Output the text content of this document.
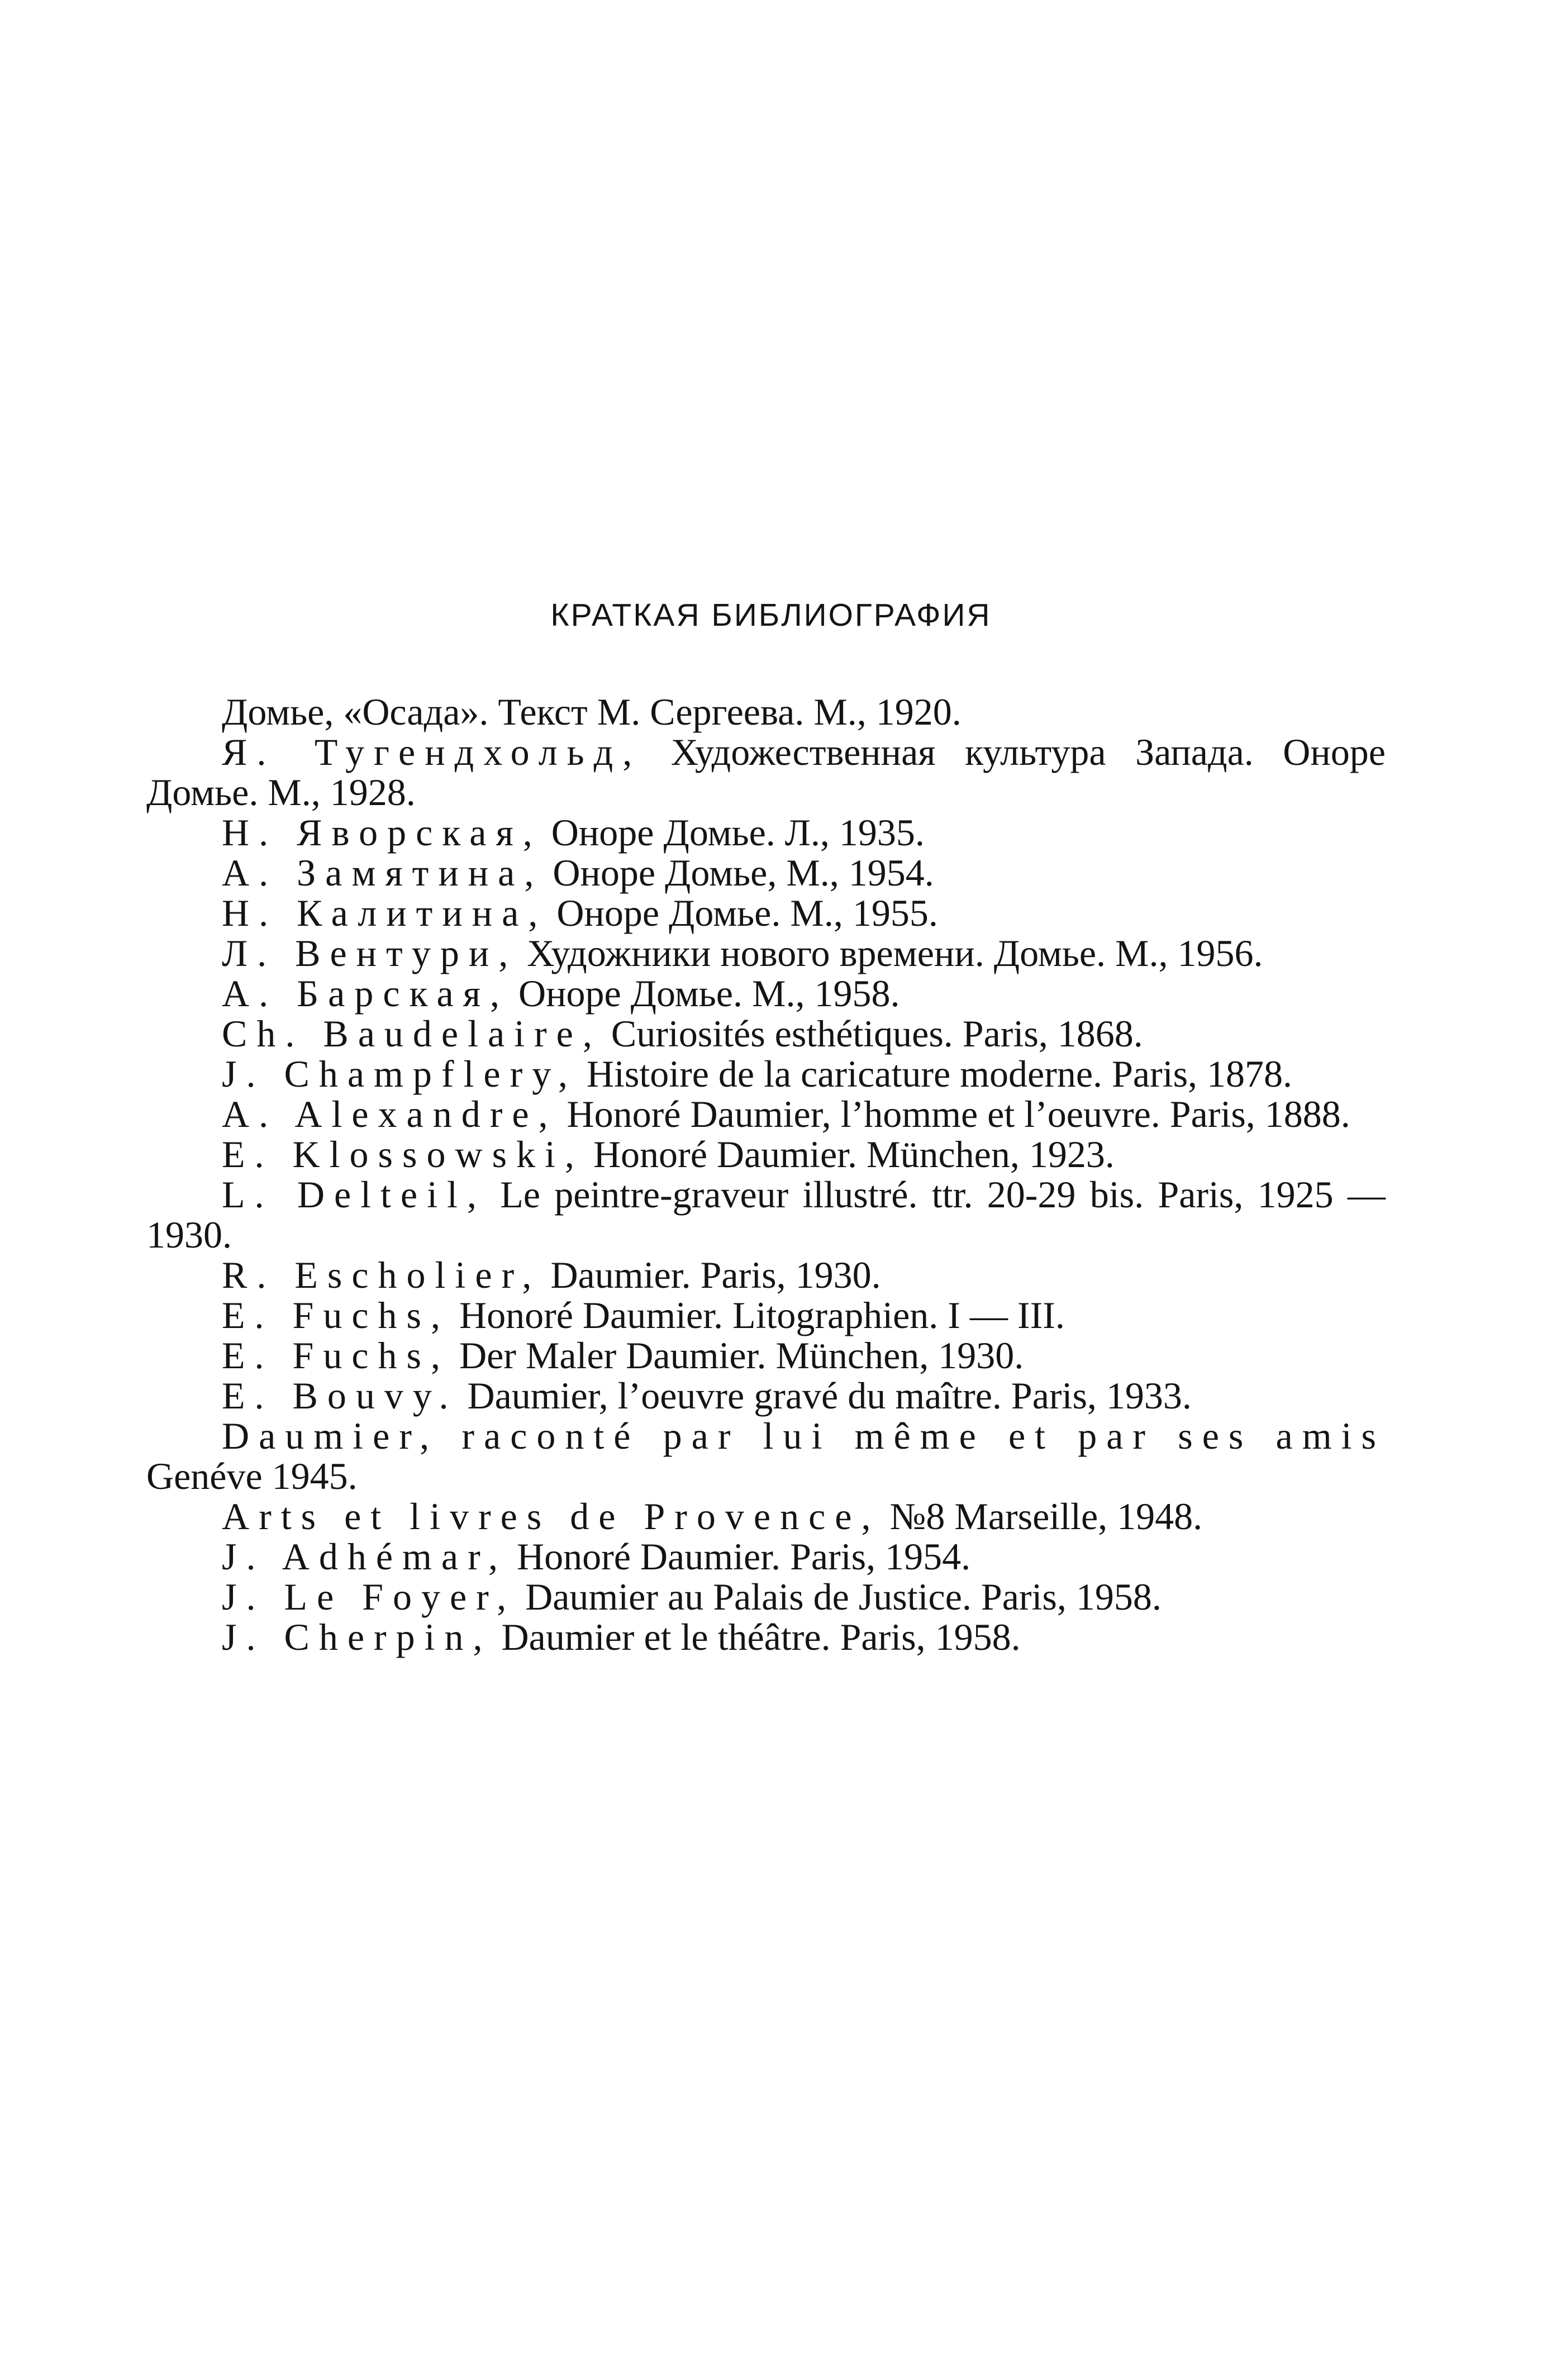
КРАТКАЯ БИБЛИОГРАФИЯ

Домье, «Осада». Текст М. Сергеева. М., 1920.

Я. Тугендхольд, Художественная культура Запада. Оноре Домье. М., 1928.

Н. Яворская, Оноре Домье. Л., 1935.

А. Замятина, Оноре Домье, М., 1954.

Н. Калитина, Оноре Домье. М., 1955.

Л. Вентури, Художники нового времени. Домье. М., 1956.

А. Барская, Оноре Домье. М., 1958.

Ch. Baudelaire, Curiosités esthétiques. Paris, 1868.

J. Champflery, Histoire de la caricature moderne. Paris, 1878.

A. Alexandre, Honoré Daumier, l’homme et l’oeuvre. Paris, 1888.

E. Klossowski, Honoré Daumier. München, 1923.

L. Delteil, Le peintre-graveur illustré. ttr. 20-29 bis. Paris, 1925 — 1930.

R. Escholier, Daumier. Paris, 1930.

E. Fuchs, Honoré Daumier. Litographien. I — III.

E. Fuchs, Der Maler Daumier. München, 1930.

E. Bouvy. Daumier, l’oeuvre gravé du maître. Paris, 1933.

Daumier, raconté par lui même et par ses amis Genéve 1945.

Arts et livres de Provence, №8 Marseille, 1948.

J. Adhémar, Honoré Daumier. Paris, 1954.

J. Le Foyer, Daumier au Palais de Justice. Paris, 1958.

J. Cherpin, Daumier et le théâtre. Paris, 1958.
